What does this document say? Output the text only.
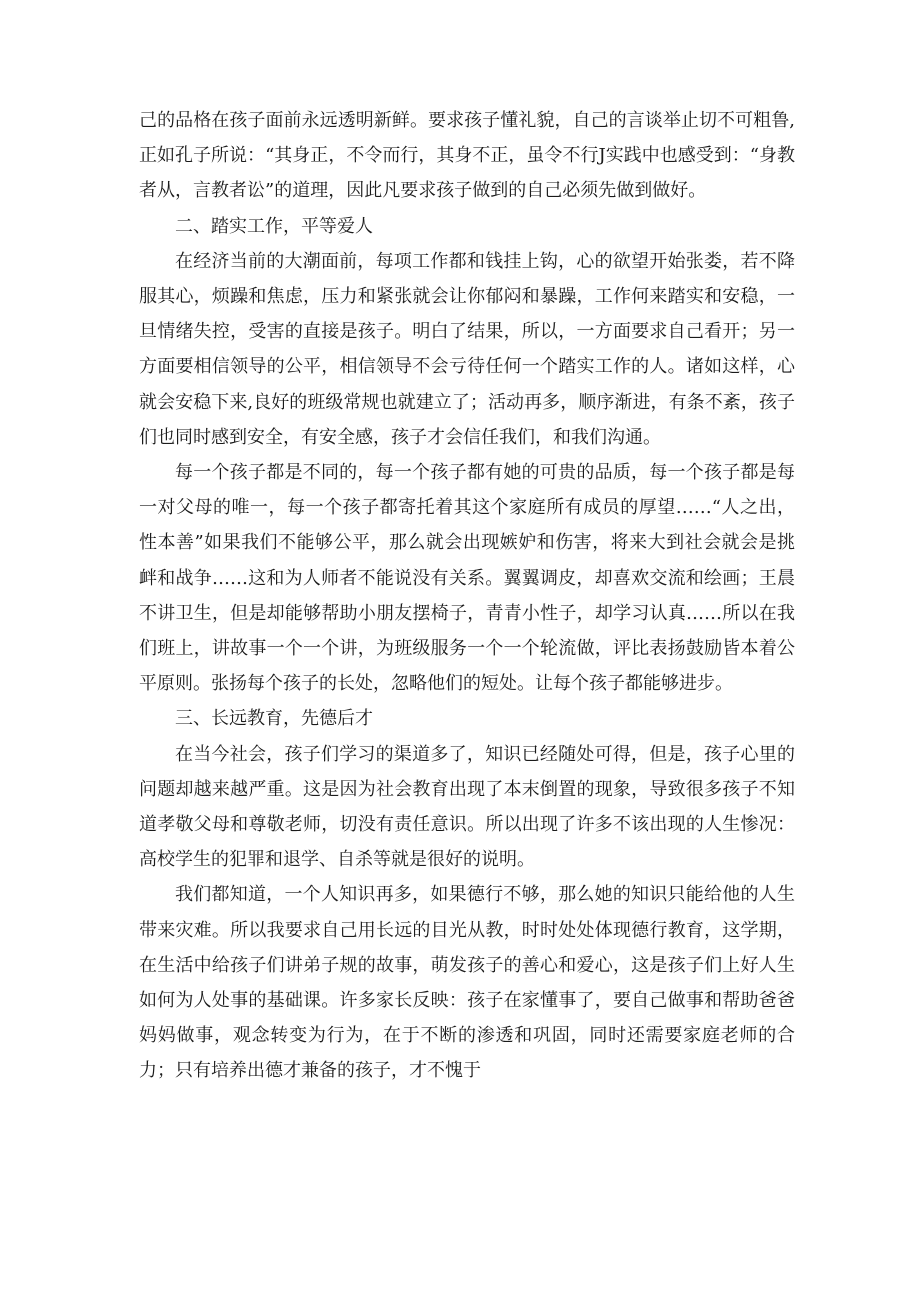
己的品格在孩子面前永远透明新鲜。要求孩子懂礼貌，自己的言谈举止切不可粗鲁,正如孔子所说：“其身正，不令而行，其身不正，虽令不行J实践中也感受到：“身教者从，言教者讼”的道理，因此凡要求孩子做到的自己必须先做到做好。

二、踏实工作，平等爱人

在经济当前的大潮面前，每项工作都和钱挂上钩，心的欲望开始张娄，若不降服其心，烦躁和焦虑，压力和紧张就会让你郁闷和暴躁，工作何来踏实和安稳，一旦情绪失控，受害的直接是孩子。明白了结果，所以，一方面要求自己看开；另一方面要相信领导的公平，相信领导不会亏待任何一个踏实工作的人。诸如这样，心就会安稳下来,良好的班级常规也就建立了；活动再多，顺序渐进，有条不紊，孩子们也同时感到安全，有安全感，孩子才会信任我们，和我们沟通。

每一个孩子都是不同的，每一个孩子都有她的可贵的品质，每一个孩子都是每一对父母的唯一，每一个孩子都寄托着其这个家庭所有成员的厚望……“人之出，性本善”如果我们不能够公平，那么就会出现嫉妒和伤害，将来大到社会就会是挑衅和战争……这和为人师者不能说没有关系。翼翼调皮，却喜欢交流和绘画；王晨不讲卫生，但是却能够帮助小朋友摆椅子，青青小性子，却学习认真……所以在我们班上，讲故事一个一个讲，为班级服务一个一个轮流做，评比表扬鼓励皆本着公平原则。张扬每个孩子的长处，忽略他们的短处。让每个孩子都能够进步。

三、长远教育，先德后才

在当今社会，孩子们学习的渠道多了，知识已经随处可得，但是，孩子心里的问题却越来越严重。这是因为社会教育出现了本末倒置的现象，导致很多孩子不知道孝敬父母和尊敬老师，切没有责任意识。所以出现了许多不该出现的人生惨况：高校学生的犯罪和退学、自杀等就是很好的说明。

我们都知道，一个人知识再多，如果德行不够，那么她的知识只能给他的人生带来灾难。所以我要求自己用长远的目光从教，时时处处体现德行教育，这学期，在生活中给孩子们讲弟子规的故事，萌发孩子的善心和爱心，这是孩子们上好人生如何为人处事的基础课。许多家长反映：孩子在家懂事了，要自己做事和帮助爸爸妈妈做事，观念转变为行为，在于不断的渗透和巩固，同时还需要家庭老师的合力；只有培养出德才兼备的孩子，才不愧于
